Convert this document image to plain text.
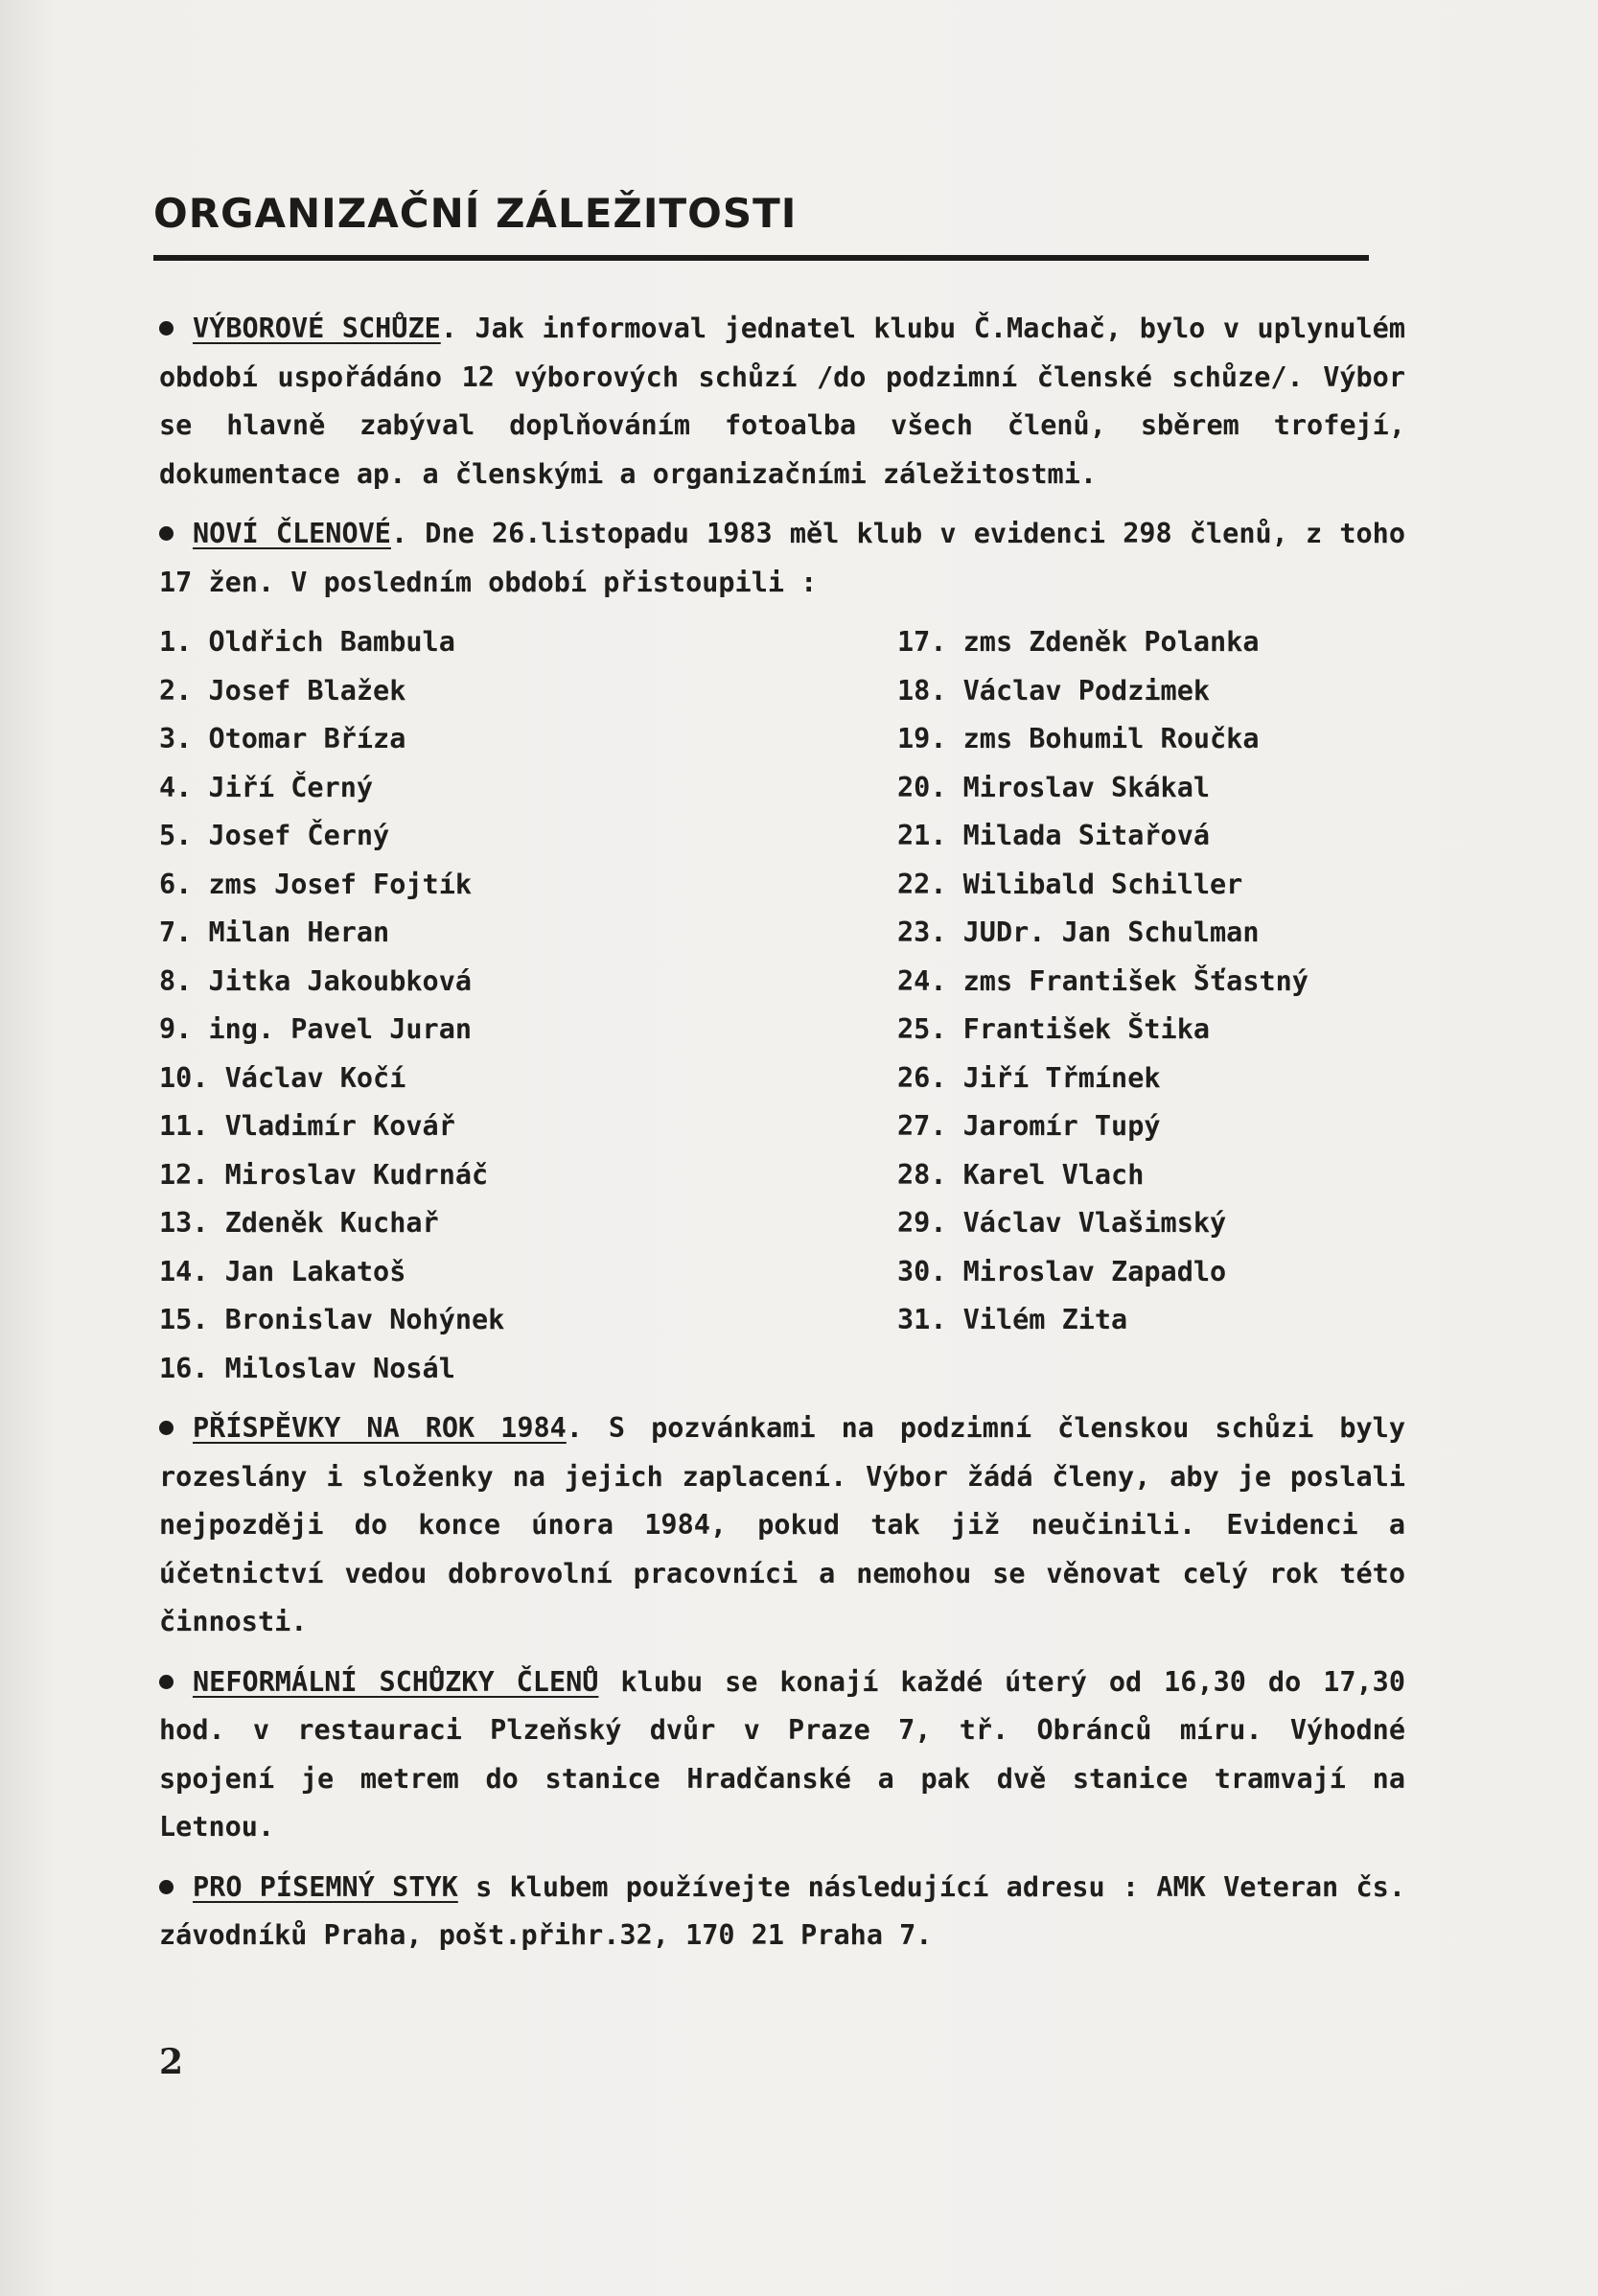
ORGANIZAČNÍ ZÁLEŽITOSTI

VÝBOROVÉ SCHŮZE. Jak informoval jednatel klubu Č.Machač, bylo v uplynulém období uspořádáno 12 výborových schůzí /do podzimní členské schůze/. Výbor se hlavně zabýval doplňováním fotoalba všech členů, sběrem trofejí, dokumentace ap. a členskými a organizačními záležitostmi.

NOVÍ ČLENOVÉ. Dne 26.listopadu 1983 měl klub v evidenci 298 členů, z toho 17 žen. V posledním období přistoupili :

1. Oldřich Bambula
2. Josef Blažek
3. Otomar Bříza
4. Jiří Černý
5. Josef Černý
6. zms Josef Fojtík
7. Milan Heran
8. Jitka Jakoubková
9. ing. Pavel Juran
10. Václav Kočí
11. Vladimír Kovář
12. Miroslav Kudrnáč
13. Zdeněk Kuchař
14. Jan Lakatoš
15. Bronislav Nohýnek
16. Miloslav Nosál
17. zms Zdeněk Polanka
18. Václav Podzimek
19. zms Bohumil Roučka
20. Miroslav Skákal
21. Milada Sitařová
22. Wilibald Schiller
23. JUDr. Jan Schulman
24. zms František Šťastný
25. František Štika
26. Jiří Třmínek
27. Jaromír Tupý
28. Karel Vlach
29. Václav Vlašimský
30. Miroslav Zapadlo
31. Vilém Zita

PŘÍSPĚVKY NA ROK 1984. S pozvánkami na podzimní členskou schůzi byly rozeslány i složenky na jejich zaplacení. Výbor žádá členy, aby je poslali nejpozději do konce února 1984, pokud tak již neučinili. Evidenci a účetnictví vedou dobrovolní pracovníci a nemohou se věnovat celý rok této činnosti.

NEFORMÁLNÍ SCHŮZKY ČLENŮ klubu se konají každé úterý od 16,30 do 17,30 hod. v restauraci Plzeňský dvůr v Praze 7, tř. Obránců míru. Výhodné spojení je metrem do stanice Hradčanské a pak dvě stanice tramvají na Letnou.

PRO PÍSEMNÝ STYK s klubem používejte následující adresu : AMK Veteran čs. závodníků Praha, pošt.přihr.32, 170 21 Praha 7.

2
